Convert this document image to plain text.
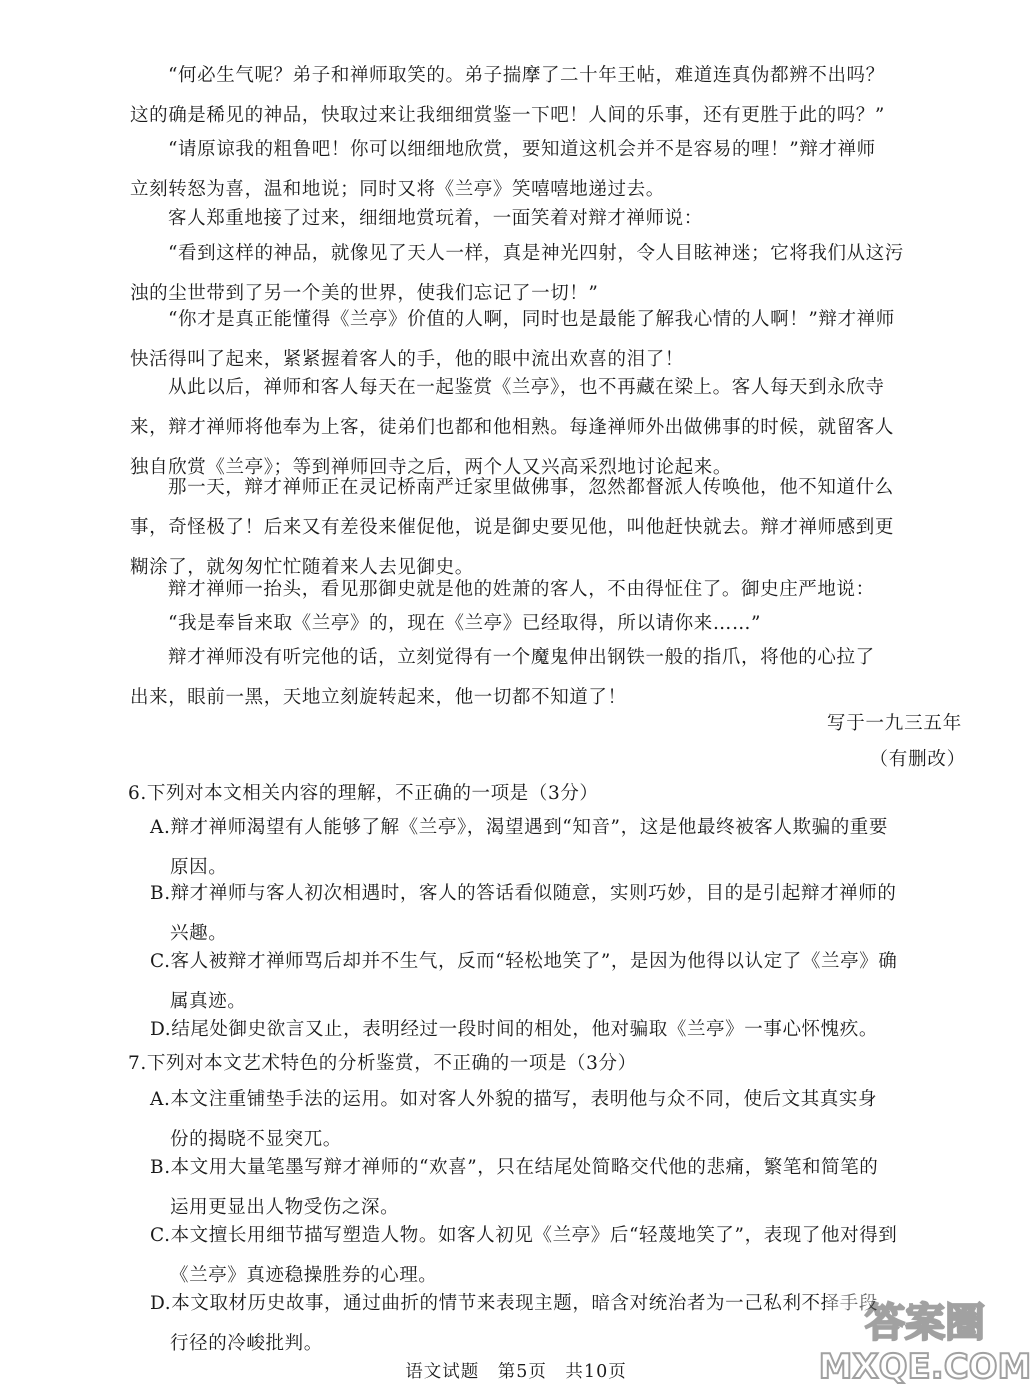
“何必生气呢？弟子和禅师取笑的。弟子揣摩了二十年王帖，难道连真伪都辨不出吗？
这的确是稀见的神品，快取过来让我细细赏鉴一下吧！人间的乐事，还有更胜于此的吗？”
“请原谅我的粗鲁吧！你可以细细地欣赏，要知道这机会并不是容易的哩！”辩才禅师
立刻转怒为喜，温和地说；同时又将《兰亭》笑嘻嘻地递过去。
客人郑重地接了过来，细细地赏玩着，一面笑着对辩才禅师说：
“看到这样的神品，就像见了天人一样，真是神光四射，令人目眩神迷；它将我们从这污
浊的尘世带到了另一个美的世界，使我们忘记了一切！”
“你才是真正能懂得《兰亭》价值的人啊，同时也是最能了解我心情的人啊！”辩才禅师
快活得叫了起来，紧紧握着客人的手，他的眼中流出欢喜的泪了！
从此以后，禅师和客人每天在一起鉴赏《兰亭》，也不再藏在梁上。客人每天到永欣寺
来，辩才禅师将他奉为上客，徒弟们也都和他相熟。每逢禅师外出做佛事的时候，就留客人
独自欣赏《兰亭》；等到禅师回寺之后，两个人又兴高采烈地讨论起来。
那一天，辩才禅师正在灵记桥南严迁家里做佛事，忽然都督派人传唤他，他不知道什么
事，奇怪极了！后来又有差役来催促他，说是御史要见他，叫他赶快就去。辩才禅师感到更
糊涂了，就匆匆忙忙随着来人去见御史。
辩才禅师一抬头，看见那御史就是他的姓萧的客人，不由得怔住了。御史庄严地说：
“我是奉旨来取《兰亭》的，现在《兰亭》已经取得，所以请你来……”
辩才禅师没有听完他的话，立刻觉得有一个魔鬼伸出钢铁一般的指爪，将他的心拉了
出来，眼前一黑，天地立刻旋转起来，他一切都不知道了！
写于一九三五年
（有删改）
6.下列对本文相关内容的理解，不正确的一项是（3分）
A.辩才禅师渴望有人能够了解《兰亭》，渴望遇到“知音”，这是他最终被客人欺骗的重要
原因。
B.辩才禅师与客人初次相遇时，客人的答话看似随意，实则巧妙，目的是引起辩才禅师的
兴趣。
C.客人被辩才禅师骂后却并不生气，反而“轻松地笑了”，是因为他得以认定了《兰亭》确
属真迹。
D.结尾处御史欲言又止，表明经过一段时间的相处，他对骗取《兰亭》一事心怀愧疚。
7.下列对本文艺术特色的分析鉴赏，不正确的一项是（3分）
A.本文注重铺垫手法的运用。如对客人外貌的描写，表明他与众不同，使后文其真实身
份的揭晓不显突兀。
B.本文用大量笔墨写辩才禅师的“欢喜”，只在结尾处简略交代他的悲痛，繁笔和简笔的
运用更显出人物受伤之深。
C.本文擅长用细节描写塑造人物。如客人初见《兰亭》后“轻蔑地笑了”，表现了他对得到
《兰亭》真迹稳操胜券的心理。
D.本文取材历史故事，通过曲折的情节来表现主题，暗含对统治者为一己私利不择手段
行径的冷峻批判。
语文试题　第5页　共10页
答案圈
MXQE.COM
